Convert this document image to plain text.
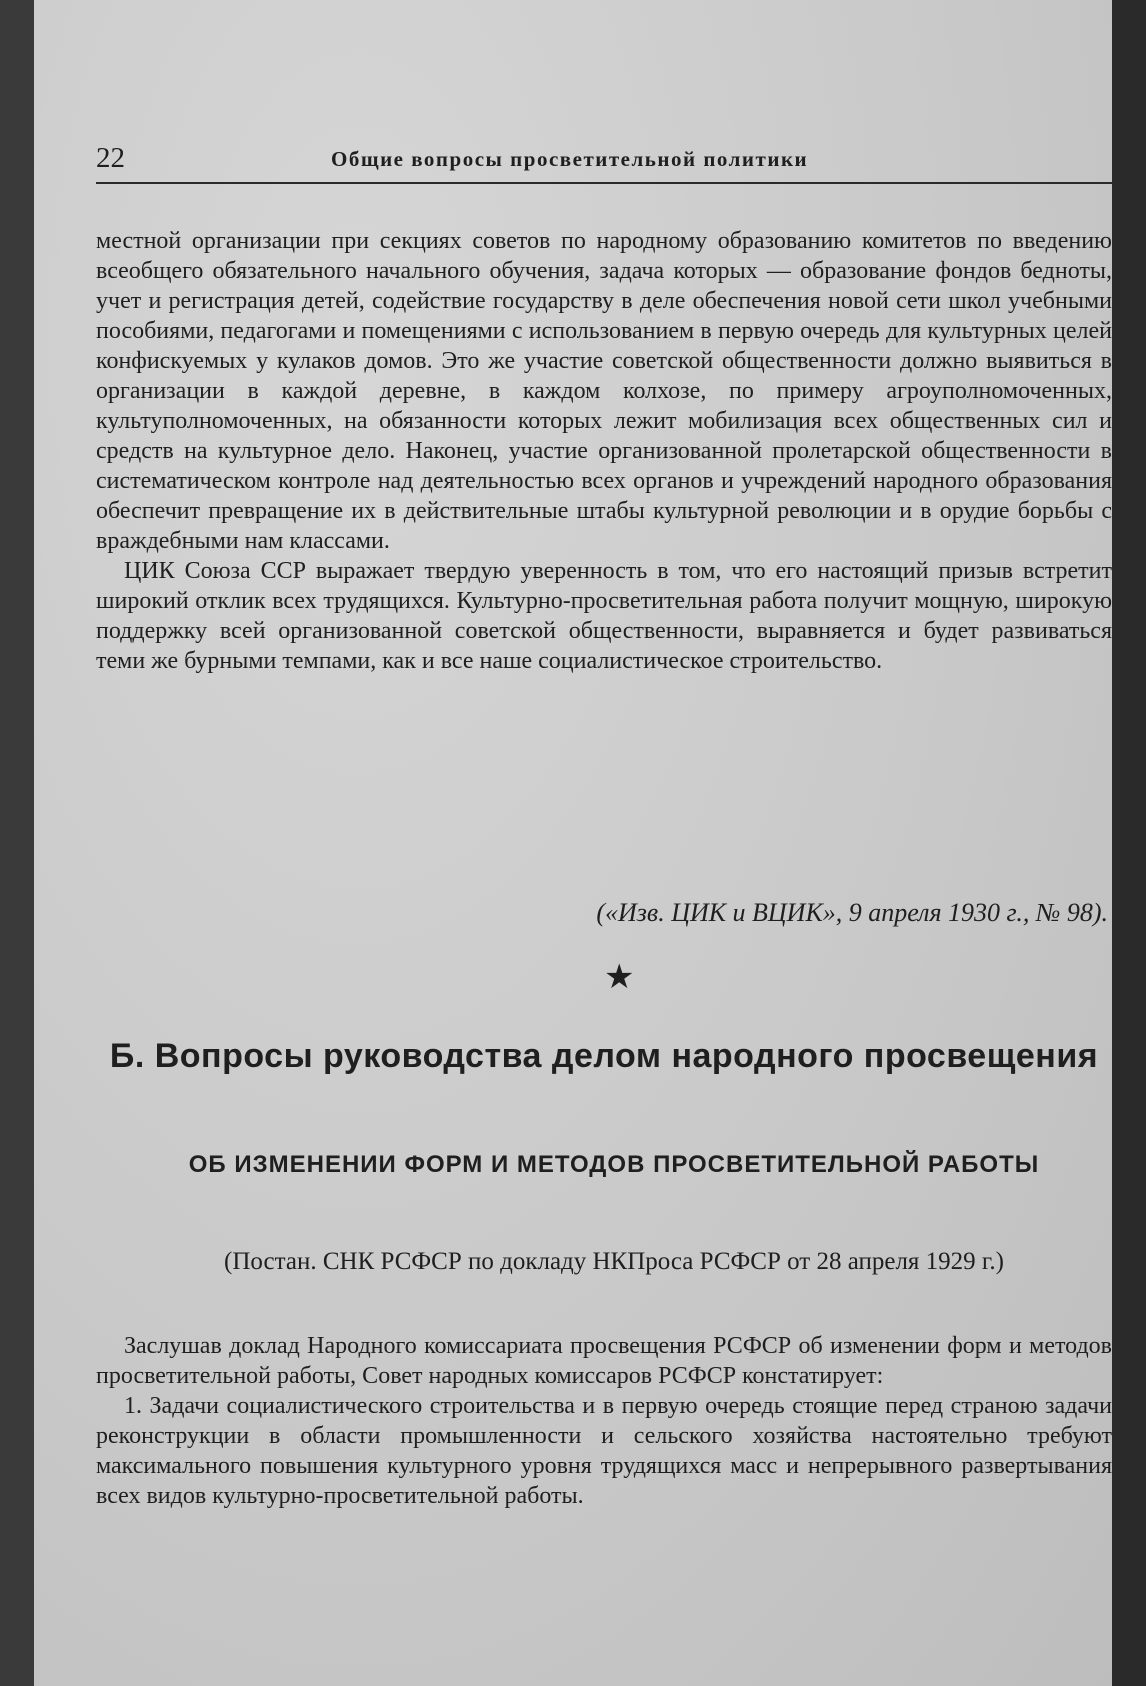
22	Общие вопросы просветительной политики

местной организации при секциях советов по народному образованию комитетов по введению всеобщего обязательного начального обучения, задача которых — образование фондов бедноты, учет и регистрация детей, содействие государству в деле обеспечения новой сети школ учебными пособиями, педагогами и помещениями с использованием в первую очередь для культурных целей конфискуемых у кулаков домов. Это же участие советской общественности должно выявиться в организации в каждой деревне, в каждом колхозе, по примеру агроуполномоченных, культуполномоченных, на обязанности которых лежит мобилизация всех общественных сил и средств на культурное дело. Наконец, участие организованной пролетарской общественности в систематическом контроле над деятельностью всех органов и учреждений народного образования обеспечит превращение их в действительные штабы культурной революции и в орудие борьбы с враждебными нам классами.

ЦИК Союза ССР выражает твердую уверенность в том, что его настоящий призыв встретит широкий отклик всех трудящихся. Культурно-просветительная работа получит мощную, широкую поддержку всей организованной советской общественности, выравняется и будет развиваться теми же бурными темпами, как и все наше социалистическое строительство.

(«Изв. ЦИК и ВЦИК», 9 апреля 1930 г., № 98).
★
Б. Вопросы руководства делом народного просвещения
ОБ ИЗМЕНЕНИИ ФОРМ И МЕТОДОВ ПРОСВЕТИТЕЛЬНОЙ РАБОТЫ
(Постан. СНК РСФСР по докладу НКПроса РСФСР от 28 апреля 1929 г.)

Заслушав доклад Народного комиссариата просвещения РСФСР об изменении форм и методов просветительной работы, Совет народных комиссаров РСФСР констатирует:

1. Задачи социалистического строительства и в первую очередь стоящие перед страною задачи реконструкции в области промышленности и сельского хозяйства настоятельно требуют максимального повышения культурного уровня трудящихся масс и непрерывного развертывания всех видов культурно-просветительной работы.
